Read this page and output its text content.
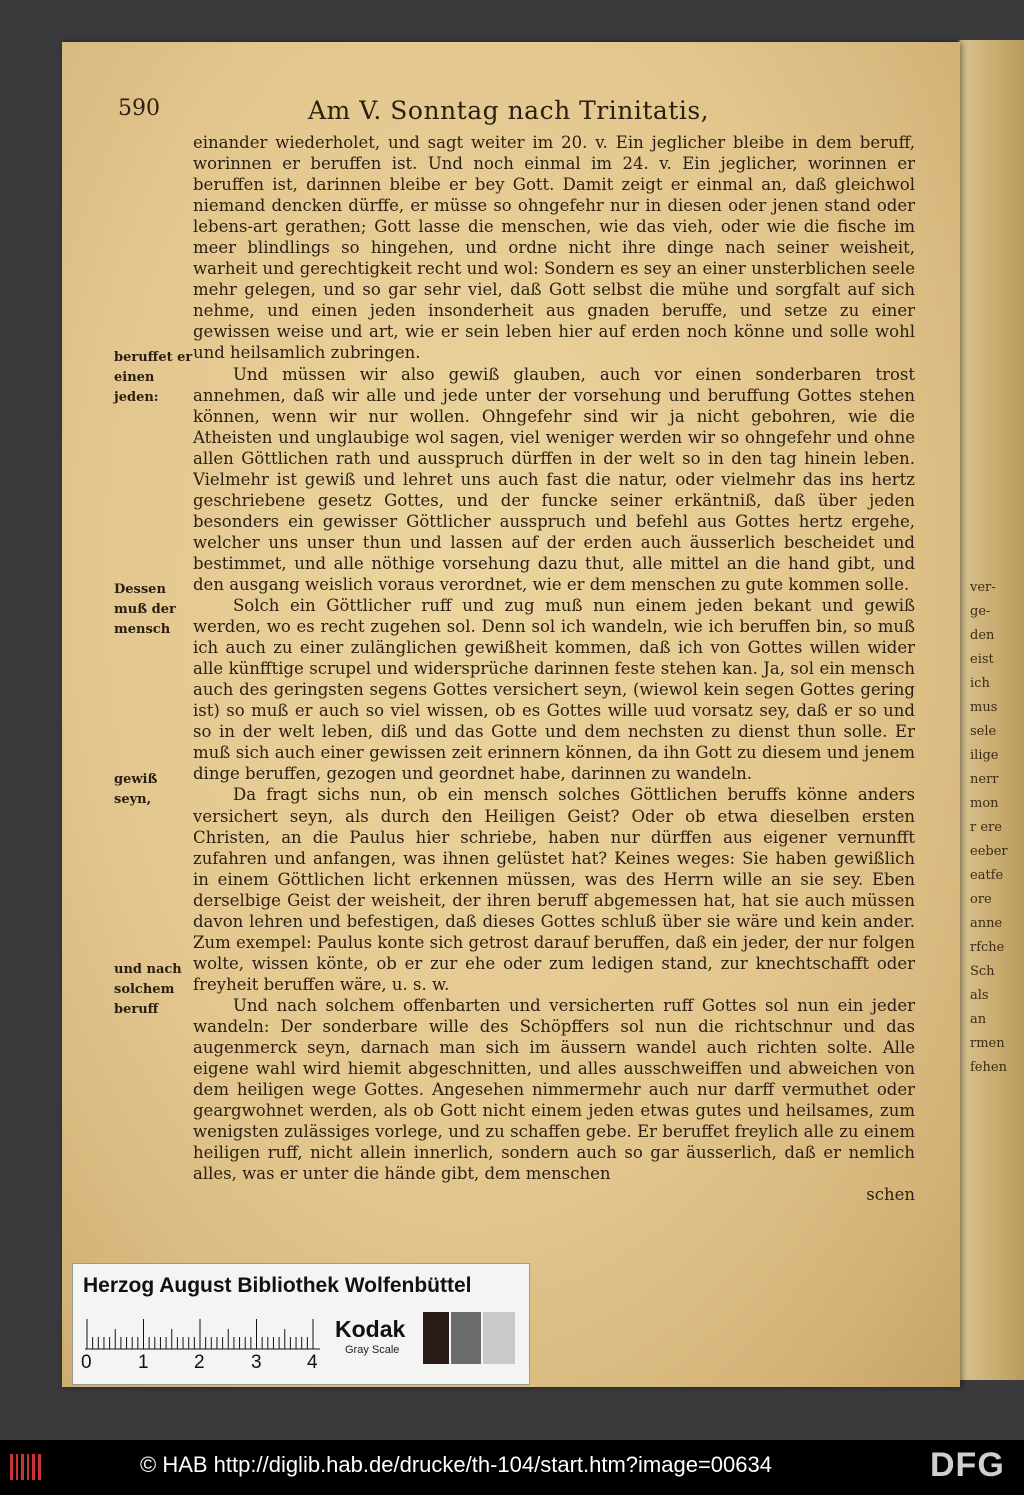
ver-
ge-
den
eist
ich
mus
sele
ilige
nerr
mon
r ere
eeber
eatfe
ore
anne
rfche
Sch
als
an
rmen
fehen
590	Am V. Sonntag nach Trinitatis,

einander wiederholet, und sagt weiter im 20. v. Ein jeglicher bleibe in dem beruff, worinnen er beruffen ist. Und noch einmal im 24. v. Ein jeglicher, worinnen er beruffen ist, darinnen bleibe er bey Gott. Damit zeigt er einmal an, daß gleichwol niemand dencken dürffe, er müsse so ohngefehr nur in diesen oder jenen stand oder lebens-art gerathen; Gott lasse die menschen, wie das vieh, oder wie die fische im meer blindlings so hingehen, und ordne nicht ihre dinge nach seiner weisheit, warheit und gerechtigkeit recht und wol: Sondern es sey an einer unsterblichen seele mehr gelegen, und so gar sehr viel, daß Gott selbst die mühe und sorgfalt auf sich nehme, und einen jeden insonderheit aus gnaden beruffe, und setze zu einer gewissen weise und art, wie er sein leben hier auf erden noch könne und solle wohl und heilsamlich zubringen.

Und müssen wir also gewiß glauben, auch vor einen sonderbaren trost annehmen, daß wir alle und jede unter der vorsehung und beruffung Gottes stehen können, wenn wir nur wollen. Ohngefehr sind wir ja nicht gebohren, wie die Atheisten und unglaubige wol sagen, viel weniger werden wir so ohngefehr und ohne allen Göttlichen rath und ausspruch dürffen in der welt so in den tag hinein leben. Vielmehr ist gewiß und lehret uns auch fast die natur, oder vielmehr das ins hertz geschriebene gesetz Gottes, und der funcke seiner erkäntniß, daß über jeden besonders ein gewisser Göttlicher ausspruch und befehl aus Gottes hertz ergehe, welcher uns unser thun und lassen auf der erden auch äusserlich bescheidet und bestimmet, und alle nöthige vorsehung dazu thut, alle mittel an die hand gibt, und den ausgang weislich voraus verordnet, wie er dem menschen zu gute kommen solle.

Solch ein Göttlicher ruff und zug muß nun einem jeden bekant und gewiß werden, wo es recht zugehen sol. Denn sol ich wandeln, wie ich beruffen bin, so muß ich auch zu einer zulänglichen gewißheit kommen, daß ich von Gottes willen wider alle künfftige scrupel und widersprüche darinnen feste stehen kan. Ja, sol ein mensch auch des geringsten segens Gottes versichert seyn, (wiewol kein segen Gottes gering ist) so muß er auch so viel wissen, ob es Gottes wille uud vorsatz sey, daß er so und so in der welt leben, diß und das Gotte und dem nechsten zu dienst thun solle. Er muß sich auch einer gewissen zeit erinnern können, da ihn Gott zu diesem und jenem dinge beruffen, gezogen und geordnet habe, darinnen zu wandeln.

Da fragt sichs nun, ob ein mensch solches Göttlichen beruffs könne anders versichert seyn, als durch den Heiligen Geist? Oder ob etwa dieselben ersten Christen, an die Paulus hier schriebe, haben nur dürffen aus eigener vernunfft zufahren und anfangen, was ihnen gelüstet hat? Keines weges: Sie haben gewißlich in einem Göttlichen licht erkennen müssen, was des Herrn wille an sie sey. Eben derselbige Geist der weisheit, der ihren beruff abgemessen hat, hat sie auch müssen davon lehren und befestigen, daß dieses Gottes schluß über sie wäre und kein ander. Zum exempel: Paulus konte sich getrost darauf beruffen, daß ein jeder, der nur folgen wolte, wissen könte, ob er zur ehe oder zum ledigen stand, zur knechtschafft oder freyheit beruffen wäre, u. s. w.

Und nach solchem offenbarten und versicherten ruff Gottes sol nun ein jeder wandeln: Der sonderbare wille des Schöpffers sol nun die richtschnur und das augenmerck seyn, darnach man sich im äussern wandel auch richten solte. Alle eigene wahl wird hiemit abgeschnitten, und alles ausschweiffen und abweichen von dem heiligen wege Gottes. Angesehen nimmermehr auch nur darff vermuthet oder geargwohnet werden, als ob Gott nicht einem jeden etwas gutes und heilsames, zum wenigsten zulässiges vorlege, und zu schaffen gebe. Er beruffet freylich alle zu einem heiligen ruff, nicht allein innerlich, sondern auch so gar äusserlich, daß er nemlich alles, was er unter die hände gibt, dem menschen

schen
beruffet er
einen
jeden:
Dessen
muß der
mensch
gewiß
seyn,
und nach
solchem
beruff
Herzog August Bibliothek Wolfenbüttel
0 1 2 3 4
Kodak
Gray Scale
© HAB http://diglib.hab.de/drucke/th-104/start.htm?image=00634	DFG
